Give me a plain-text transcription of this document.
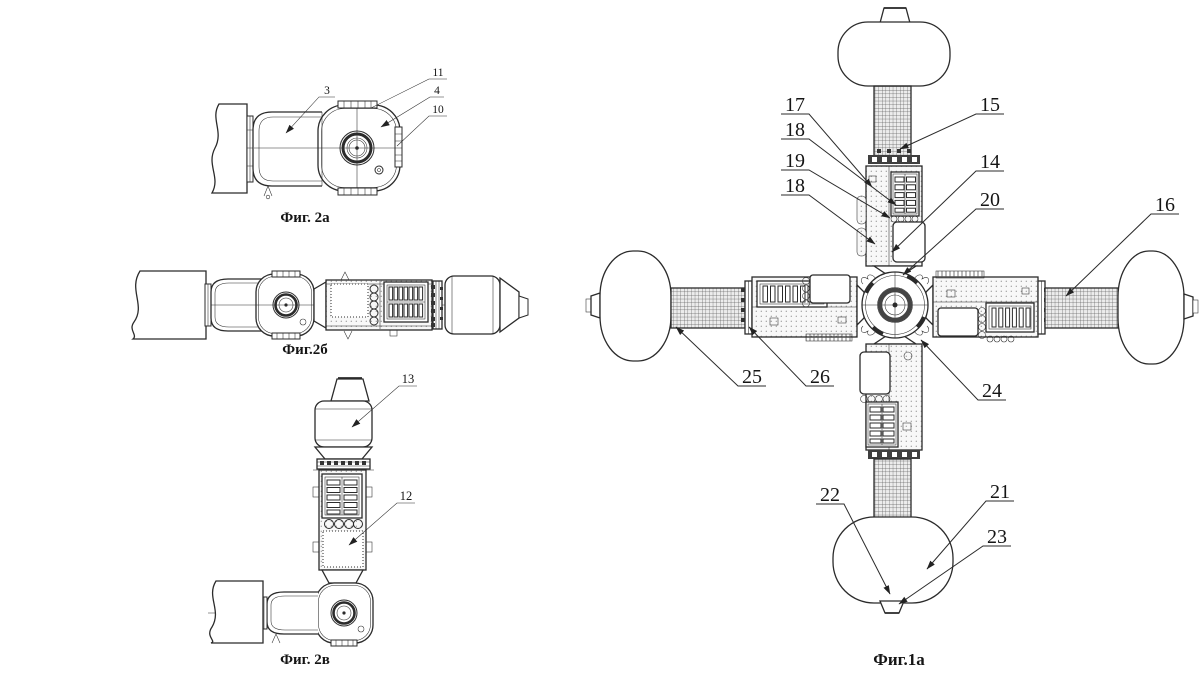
3
11
4
10
Фиг. 2а
Фиг.2б
13
12
Фиг. 2в
17
18
19
18
15
14
20	16
25 26
24
22	21
23
Фиг.1а
